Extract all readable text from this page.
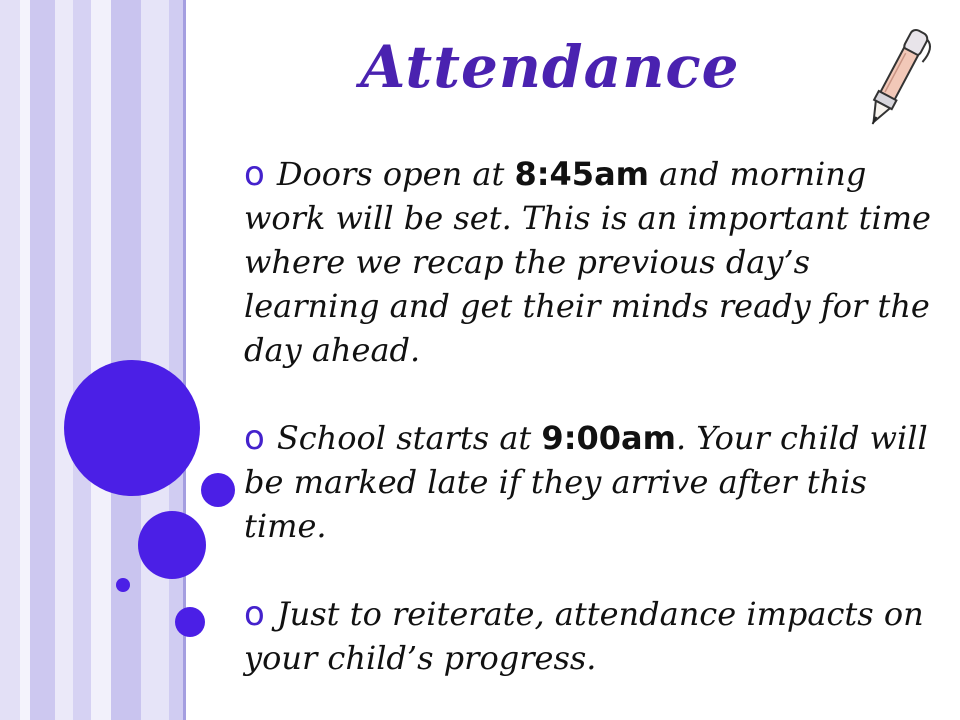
Attendance
o Doors open at 8:45am and morning work will be set. This is an important time where we recap the previous day’s learning and get their minds ready for the day ahead.
o School starts at 9:00am. Your child will be marked late if they arrive after this time.
o Just to reiterate, attendance impacts on your child’s progress.
